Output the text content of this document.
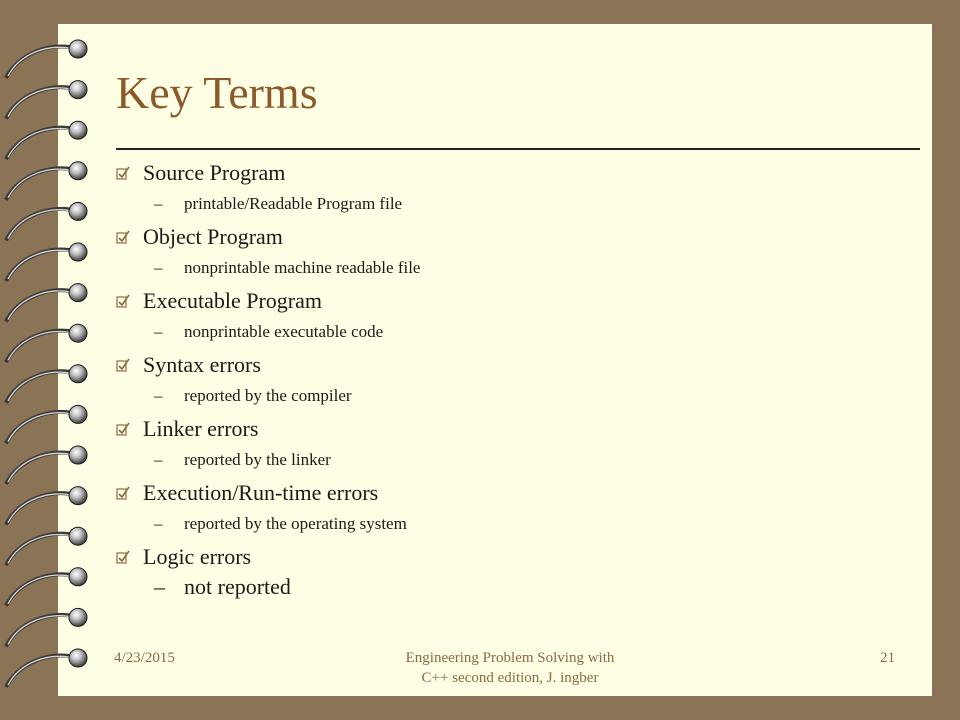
Key Terms
Source Program
– printable/Readable Program file
Object Program
– nonprintable machine readable file
Executable Program
– nonprintable executable code
Syntax errors
– reported by the compiler
Linker errors
– reported by the linker
Execution/Run-time errors
– reported by the operating system
Logic errors
– not reported
4/23/2015	Engineering Problem Solving with
C++ second edition, J. ingber
21
